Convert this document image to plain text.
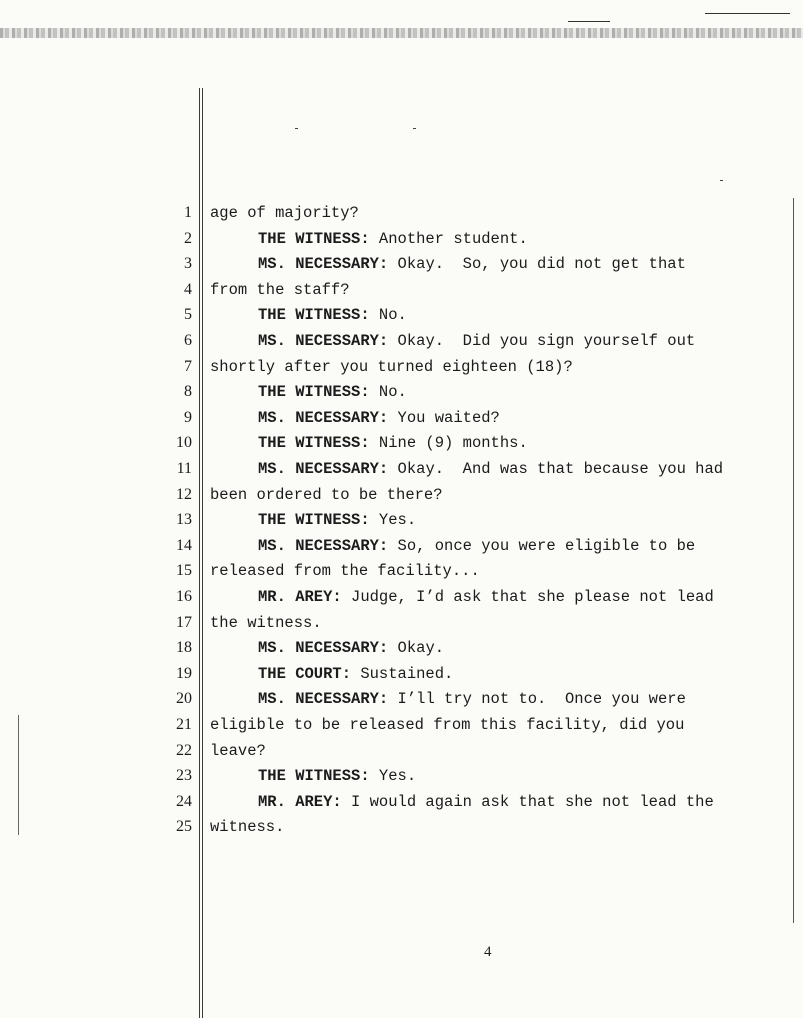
1 age of majority?
2	THE WITNESS: Another student.
3	MS. NECESSARY: Okay.  So, you did not get that
4 from the staff?
5	THE WITNESS: No.
6	MS. NECESSARY: Okay.  Did you sign yourself out
7 shortly after you turned eighteen (18)?
8	THE WITNESS: No.
9	MS. NECESSARY: You waited?
10	THE WITNESS: Nine (9) months.
11	MS. NECESSARY: Okay.  And was that because you had
12 been ordered to be there?
13	THE WITNESS: Yes.
14	MS. NECESSARY: So, once you were eligible to be
15 released from the facility...
16	MR. AREY: Judge, I’d ask that she please not lead
17 the witness.
18	MS. NECESSARY: Okay.
19	THE COURT: Sustained.
20	MS. NECESSARY: I’ll try not to.  Once you were
21 eligible to be released from this facility, did you
22 leave?
23	THE WITNESS: Yes.
24	MR. AREY: I would again ask that she not lead the
25 witness.
4
